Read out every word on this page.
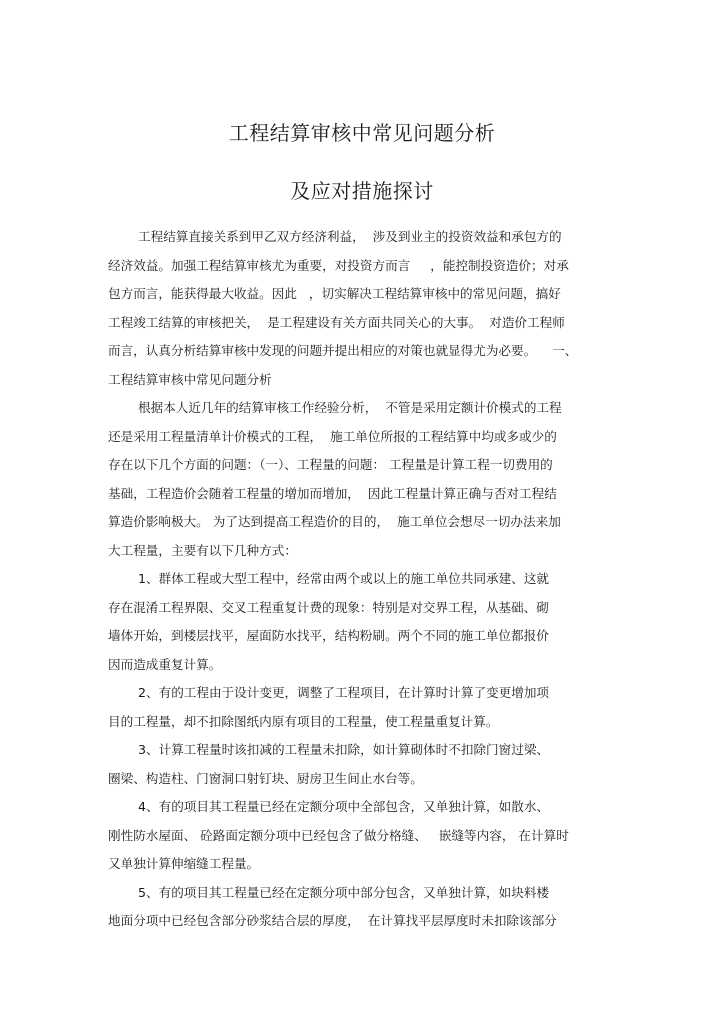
工程结算审核中常见问题分析
及应对措施探讨
工程结算直接关系到甲乙双方经济利益，  涉及到业主的投资效益和承包方的
经济效益。加强工程结算审核尤为重要，对投资方而言     ，能控制投资造价；对承
包方而言，能获得最大收益。因此   ，切实解决工程结算审核中的常见问题，搞好
工程竣工结算的审核把关，  是工程建设有关方面共同关心的大事。  对造价工程师
而言，认真分析结算审核中发现的问题并提出相应的对策也就显得尤为必要。    一、
工程结算审核中常见问题分析
根据本人近几年的结算审核工作经验分析，  不管是采用定额计价模式的工程
还是采用工程量清单计价模式的工程，  施工单位所报的工程结算中均或多或少的
存在以下几个方面的问题：（一）、工程量的问题： 工程量是计算工程一切费用的
基础，工程造价会随着工程量的增加而增加，  因此工程量计算正确与否对工程结
算造价影响极大。 为了达到提高工程造价的目的，  施工单位会想尽一切办法来加
大工程量，主要有以下几种方式：
1、群体工程或大型工程中，经常由两个或以上的施工单位共同承建、这就
存在混淆工程界限、交叉工程重复计费的现象：特别是对交界工程，从基础、砌
墙体开始，到楼层找平，屋面防水找平，结构粉刷。两个不同的施工单位都报价
因而造成重复计算。
2、有的工程由于设计变更，调整了工程项目，在计算时计算了变更增加项
目的工程量，却不扣除图纸内原有项目的工程量，使工程量重复计算。
3、计算工程量时该扣减的工程量未扣除，如计算砌体时不扣除门窗过梁、
圈梁、构造柱、门窗洞口射钉块、厨房卫生间止水台等。
4、有的项目其工程量已经在定额分项中全部包含，又单独计算，如散水、
刚性防水屋面、 砼路面定额分项中已经包含了做分格缝、   嵌缝等内容， 在计算时
又单独计算伸缩缝工程量。
5、有的项目其工程量已经在定额分项中部分包含，又单独计算，如块料楼
地面分项中已经包含部分砂浆结合层的厚度，  在计算找平层厚度时未扣除该部分
